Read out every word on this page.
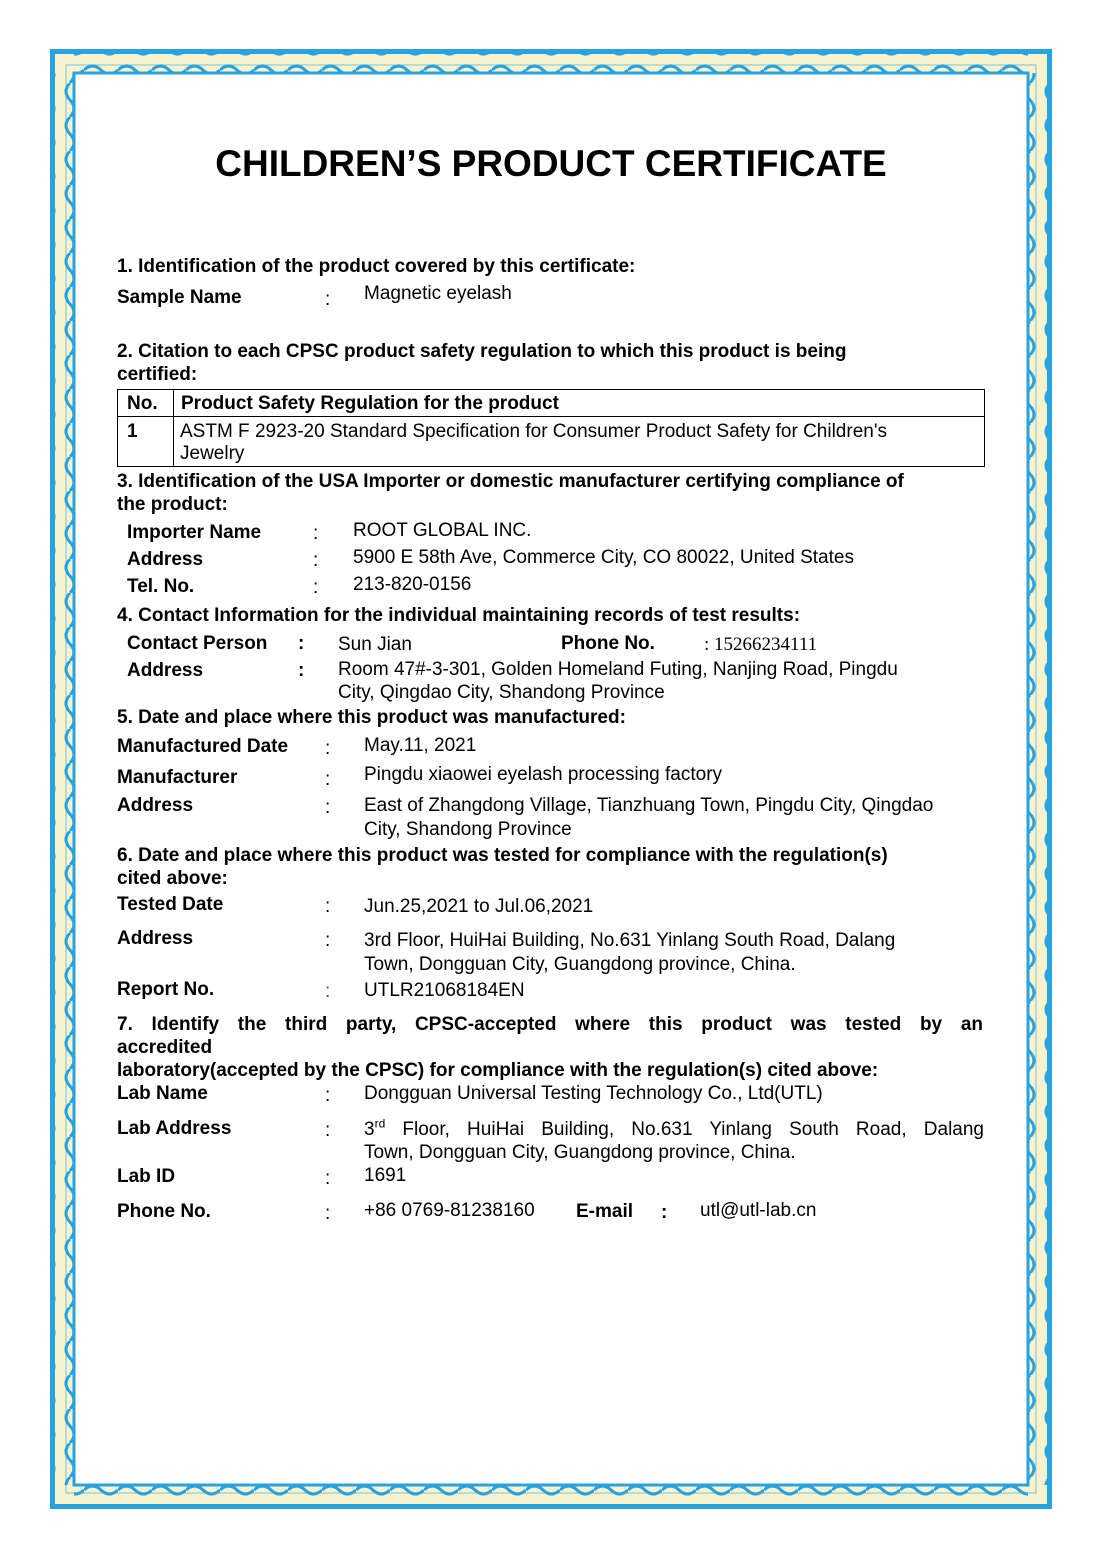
CHILDREN’S PRODUCT CERTIFICATE
1. Identification of the product covered by this certificate:
Sample Name	: Magnetic eyelash
2. Citation to each CPSC product safety regulation to which this product is being
certified:
No. Product Safety Regulation for the product
1 ASTM F 2923-20 Standard Specification for Consumer Product Safety for Children's
Jewelry
3. Identification of the USA Importer or domestic manufacturer certifying compliance of
the product:
Importer Name	: ROOT GLOBAL INC.
Address	: 5900 E 58th Ave, Commerce City, CO 80022, United States
Tel. No.	: 213-820-0156
4. Contact Information for the individual maintaining records of test results:
Contact Person : Sun Jian	Phone No.	: 15266234111
Address	: Room 47#-3-301, Golden Homeland Futing, Nanjing Road, Pingdu
City, Qingdao City, Shandong Province
5. Date and place where this product was manufactured:
Manufactured Date : May.11, 2021
Manufacturer	: Pingdu xiaowei eyelash processing factory
Address	: East of Zhangdong Village, Tianzhuang Town, Pingdu City, Qingdao
City, Shandong Province
6. Date and place where this product was tested for compliance with the regulation(s)
cited above:
Tested Date	: Jun.25,2021 to Jul.06,2021
Address	: 3rd Floor, HuiHai Building, No.631 Yinlang South Road, Dalang
Town, Dongguan City, Guangdong province, China.
Report No.	: UTLR21068184EN
7. Identify the third party, CPSC-accepted where this product was tested by an
accredited
laboratory(accepted by the CPSC) for compliance with the regulation(s) cited above:
Lab Name	: Dongguan Universal Testing Technology Co., Ltd(UTL)
Lab Address	: 3rd Floor, HuiHai Building, No.631 Yinlang South Road, Dalang
Town, Dongguan City, Guangdong province, China.
Lab ID	: 1691
Phone No.	: +86 0769-81238160 E-mail : utl@utl-lab.cn
